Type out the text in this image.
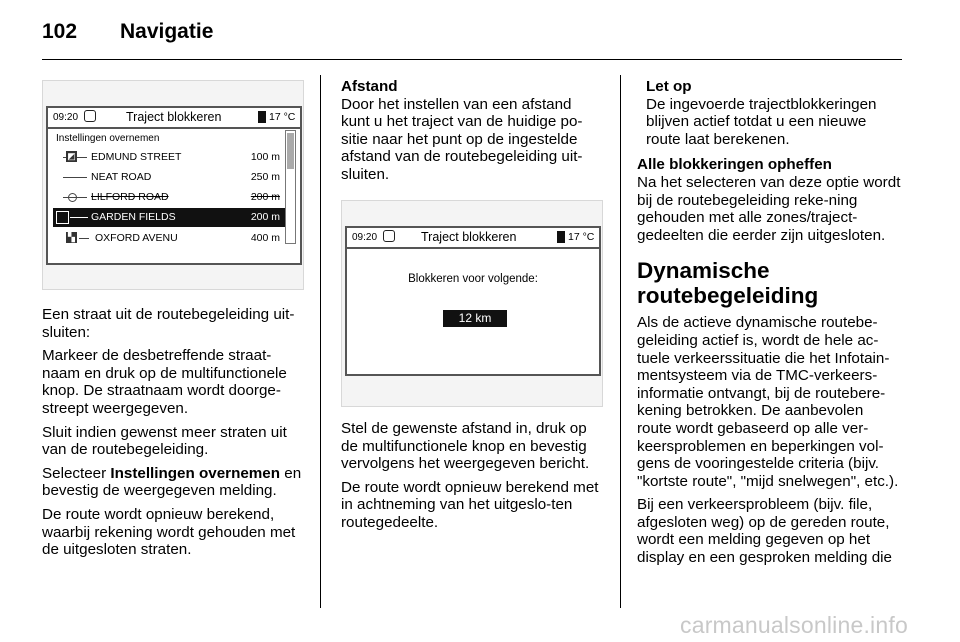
102 Navigatie
09:20	Traject blokkeren	17 °C
Instellingen overnemen
◩ EDMUND STREET	100 m
NEAT ROAD	250 m
LILFORD ROAD	200 m
GARDEN FIELDS	200 m
▚ OXFORD AVENU	400 m

Een straat uit de routebegeleiding uit-sluiten:

Markeer de desbetreffende straat-naam en druk op de multifunctionele knop. De straatnaam wordt doorge-streept weergegeven.

Sluit indien gewenst meer straten uit van de routebegeleiding.

Selecteer Instellingen overnemen en bevestig de weergegeven melding.

De route wordt opnieuw berekend, waarbij rekening wordt gehouden met de uitgesloten straten.

Afstand

Door het instellen van een afstand kunt u het traject van de huidige po-sitie naar het punt op de ingestelde afstand van de routebegeleiding uit-sluiten.

09:20	Traject blokkeren	17 °C
Blokkeren voor volgende:
12 km

Stel de gewenste afstand in, druk op de multifunctionele knop en bevestig vervolgens het weergegeven bericht.

De route wordt opnieuw berekend met in achtneming van het uitgeslo-ten routegedeelte.

Let op

De ingevoerde trajectblokkeringen blijven actief totdat u een nieuwe route laat berekenen.

Alle blokkeringen opheffen

Na het selecteren van deze optie wordt bij de routebegeleiding reke-ning gehouden met alle zones/traject-gedeelten die eerder zijn uitgesloten.

Dynamische
routebegeleiding

Als de actieve dynamische routebe-geleiding actief is, wordt de hele ac-tuele verkeerssituatie die het Infotain-mentsysteem via de TMC-verkeers-informatie ontvangt, bij de routebere-kening betrokken. De aanbevolen route wordt gebaseerd op alle ver-keersproblemen en beperkingen vol-gens de vooringestelde criteria (bijv. "kortste route", "mijd snelwegen", etc.).

Bij een verkeersprobleem (bijv. file, afgesloten weg) op de gereden route, wordt een melding gegeven op het display en een gesproken melding die

carmanualsonline.info
